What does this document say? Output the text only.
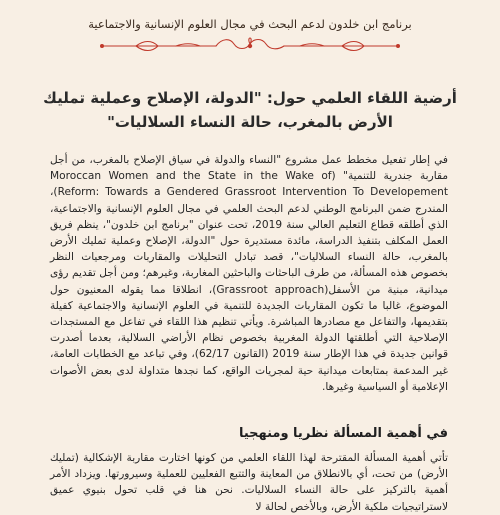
برنامج ابن خلدون لدعم البحث في مجال العلوم الإنسانية والاجتماعية
أرضية اللقاء العلمي حول: "الدولة، الإصلاح وعملية تمليك الأرض بالمغرب، حالة النساء السلاليات"

في إطار تفعيل مخطط عمل مشروع "النساء والدولة في سياق الإصلاح بالمغرب، من أجل مقاربة جندرية للتنمية" (Moroccan Women and the State in the Wake of Reform: Towards a Gendered Grassroot Intervention To Developement)، المندرج ضمن البرنامج الوطني لدعم البحث العلمي في مجال العلوم الإنسانية والاجتماعية، الذي أطلقه قطاع التعليم العالي سنة 2019، تحت عنوان "برنامج ابن خلدون"، ينظم فريق العمل المكلف بتنفيذ الدراسة، مائدة مستديرة حول "الدولة، الإصلاح وعملية تمليك الأرض بالمغرب، حالة النساء السلاليات"، قصد تبادل التحليلات والمقاربات ومرجعيات النظر بخصوص هذه المسألة، من طرف الباحثات والباحثين المغاربة، وغيرهم؛ ومن أجل تقديم رؤى ميدانية، مبنية من الأسفل(Grassroot approach)، انطلاقا مما يقوله المعنيون حول الموضوع، غالبا ما تكون المقاربات الجديدة للتنمية في العلوم الإنسانية والاجتماعية كفيلة بتقديمها، والتفاعل مع مصادرها المباشرة. ويأتي تنظيم هذا اللقاء في تفاعل مع المستجدات الإصلاحية التي أطلقتها الدولة المغربية بخصوص نظام الأراضي السلالية، بعدما أصدرت قوانين جديدة في هذا الإطار سنة 2019 (القانون 62/17)، وفي تباعد مع الخطابات العامة، غير المدعمة بمتابعات ميدانية حية لمجريات الواقع، كما نجدها متداولة لدى بعض الأصوات الإعلامية أو السياسية وغيرها.

في أهمية المسألة نظريا ومنهجيا

تأتي أهمية المسألة المقترحة لهذا اللقاء العلمي من كونها اختارت مقاربة الإشكالية (تمليك الأرض) من تحت، أي بالانطلاق من المعاينة والتتبع الفعليين للعملية وسيرورتها. ويزداد الأمر أهمية بالتركيز على حالة النساء السلاليات. نحن هنا في قلب تحول بنيوي عميق لاستراتيجيات ملكية الأرض، وبالأخص لحالة لا
